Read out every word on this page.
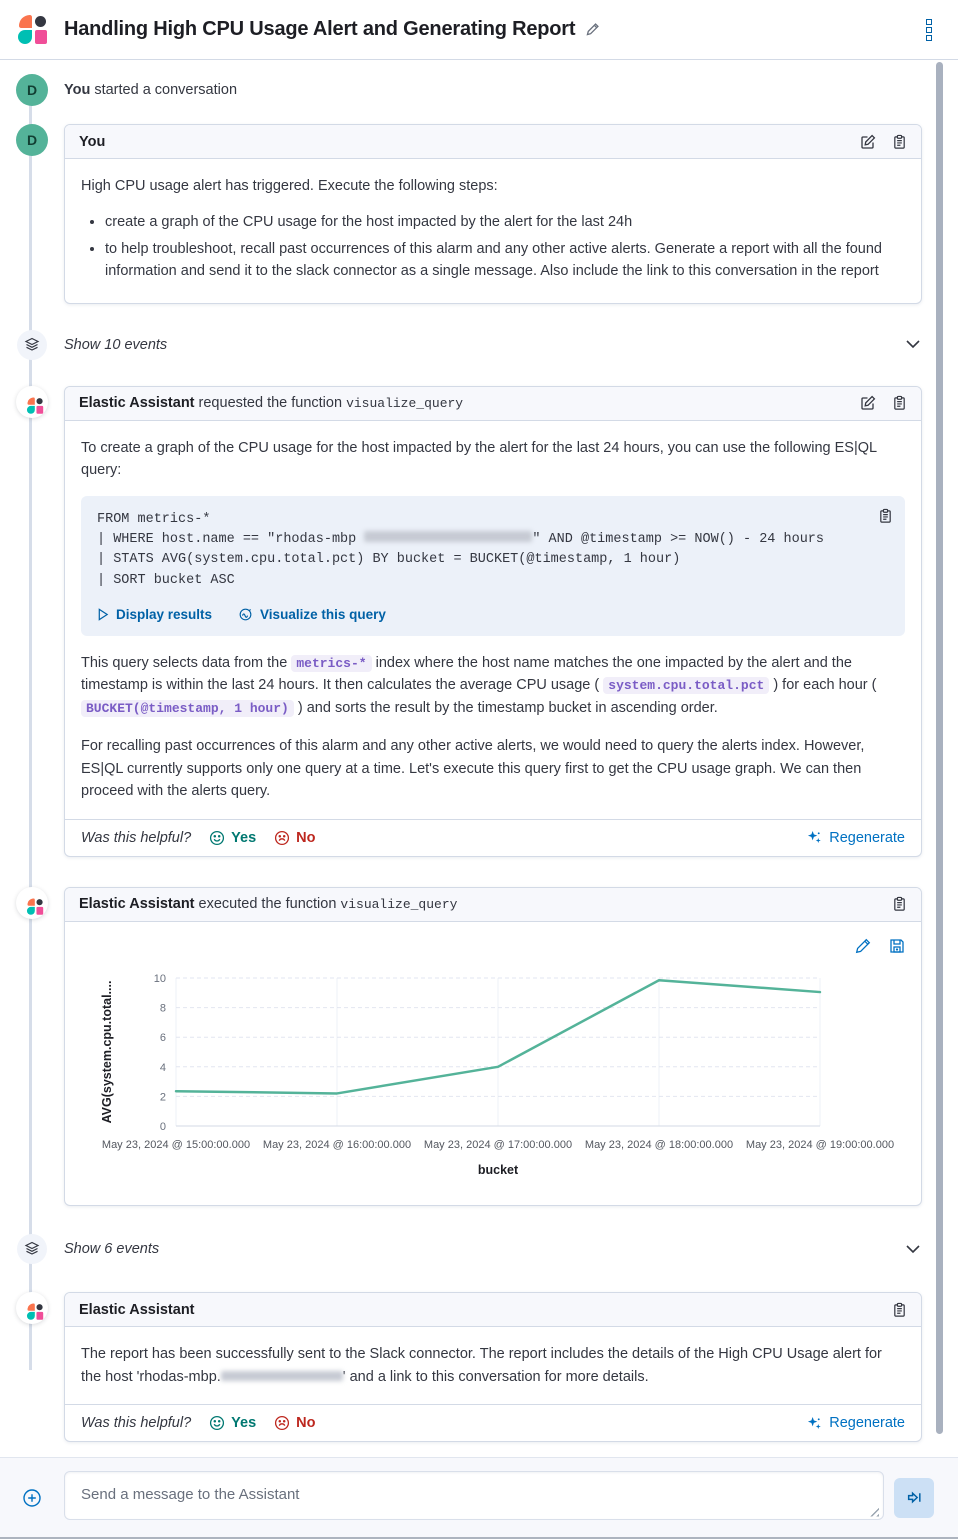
Handling High CPU Usage Alert and Generating Report
D	You started a conversation
D	You

High CPU usage alert has triggered. Execute the following steps:

• create a graph of the CPU usage for the host impacted by the alert for the last 24h
• to help troubleshoot, recall past occurrences of this alarm and any other active alerts. Generate a report with all the found information and send it to the slack connector as a single message. Also include the link to this conversation in the report
Show 10 events
Elastic Assistant requested the function visualize_query

To create a graph of the CPU usage for the host impacted by the alert for the last 24 hours, you can use the following ES|QL query:

FROM metrics-*
| WHERE host.name == "rhodas-mbp	" AND @timestamp >= NOW() - 24 hours
| STATS AVG(system.cpu.total.pct) BY bucket = BUCKET(@timestamp, 1 hour)
| SORT bucket ASC
Display results	Visualize this query

This query selects data from the metrics-* index where the host name matches the one impacted by the alert and the timestamp is within the last 24 hours. It then calculates the average CPU usage ( system.cpu.total.pct ) for each hour ( BUCKET(@timestamp, 1 hour) ) and sorts the result by the timestamp bucket in ascending order.

For recalling past occurrences of this alarm and any other active alerts, we would need to query the alerts index. However, ES|QL currently supports only one query at a time. Let's execute this query first to get the CPU usage graph. We can then proceed with the alerts query.

Was this helpful?	Yes	No	Regenerate
Elastic Assistant executed the function visualize_query
0
2
4
6
8
10
May 23, 2024 @ 15:00:00.000 May 23, 2024 @ 16:00:00.000 May 23, 2024 @ 17:00:00.000 May 23, 2024 @ 18:00:00.000 May 23, 2024 @ 19:00:00.000
AVG(system.cpu.total....
bucket
Show 6 events
Elastic Assistant

The report has been successfully sent to the Slack connector. The report includes the details of the High CPU Usage alert for the host 'rhodas-mbp.	' and a link to this conversation for more details.

Was this helpful?	Yes	No	Regenerate
Send a message to the Assistant
